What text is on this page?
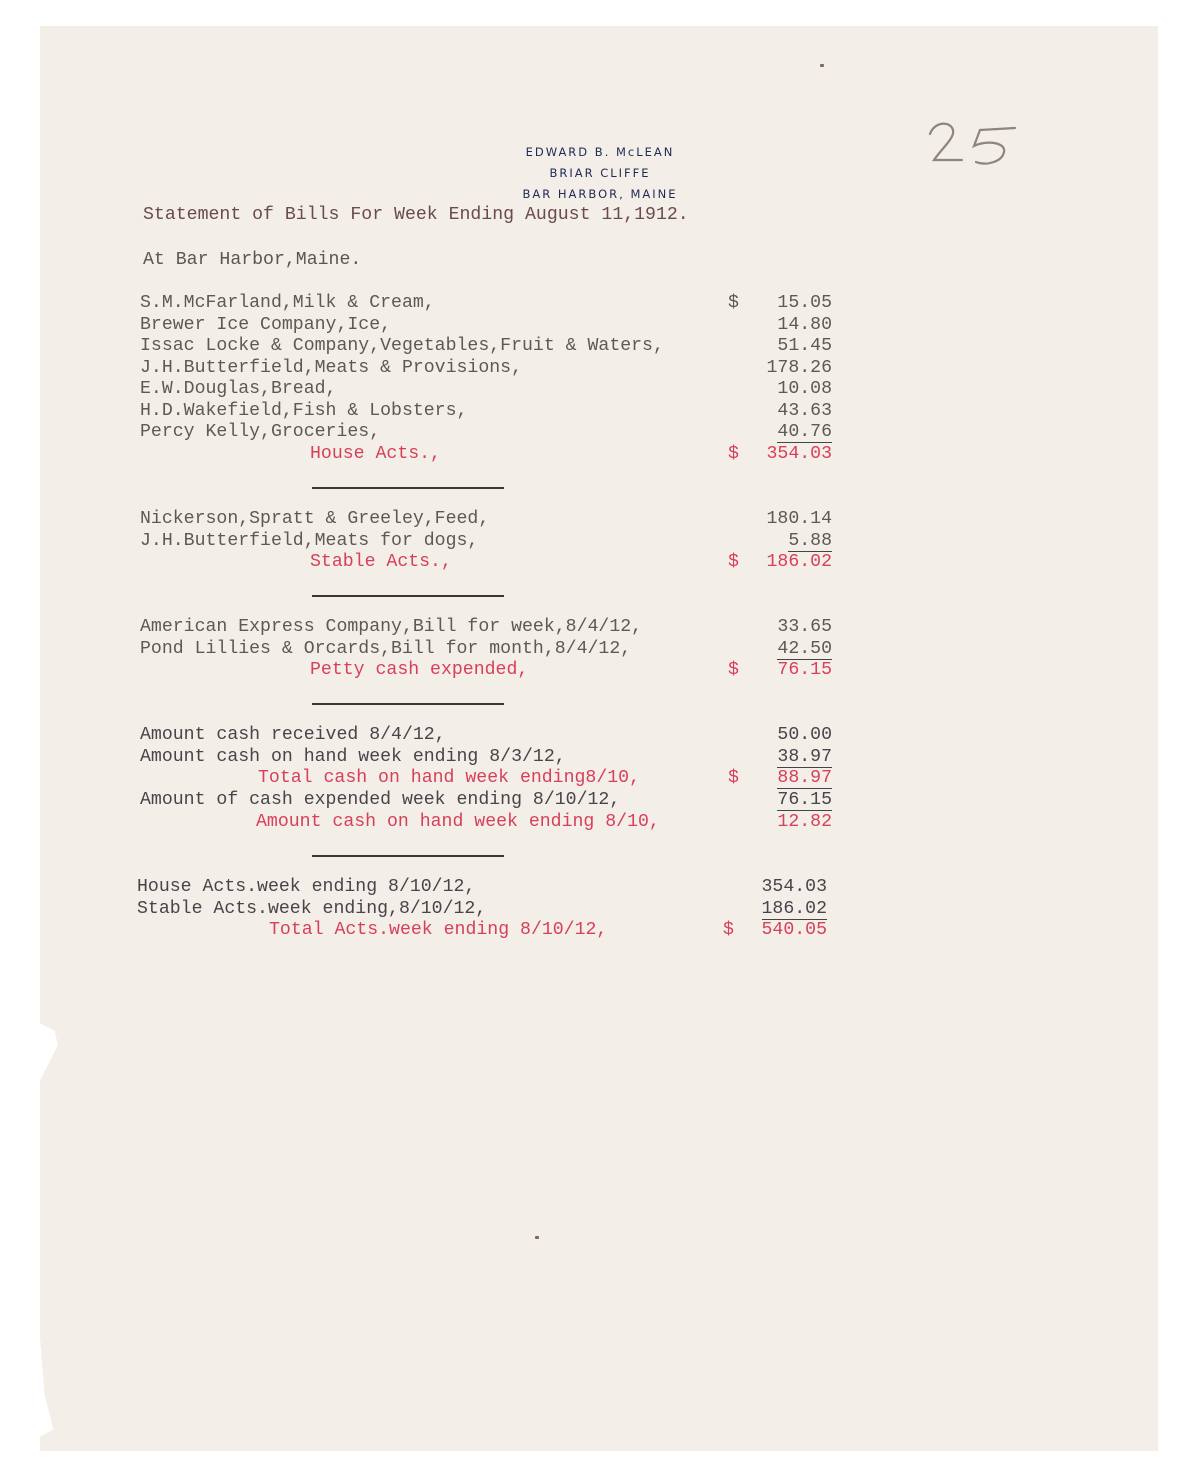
EDWARD B. McLEAN
BRIAR CLIFFE
BAR HARBOR, MAINE
Statement of Bills For Week Ending August 11,1912.
At Bar Harbor,Maine.
S.M.McFarland,Milk & Cream,	$ 15.05
Brewer Ice Company,Ice,	14.80
Issac Locke & Company,Vegetables,Fruit & Waters,	51.45
J.H.Butterfield,Meats & Provisions,	178.26
E.W.Douglas,Bread,	10.08
H.D.Wakefield,Fish & Lobsters,	43.63
Percy Kelly,Groceries,	40.76
House Acts.,	$ 354.03
Nickerson,Spratt & Greeley,Feed,	180.14
J.H.Butterfield,Meats for dogs,	5.88
Stable Acts.,	$ 186.02
American Express Company,Bill for week,8/4/12,	33.65
Pond Lillies & Orcards,Bill for month,8/4/12,	42.50
Petty cash expended,	$ 76.15
Amount cash received 8/4/12,	50.00
Amount cash on hand week ending 8/3/12,	38.97
Total cash on hand week ending8/10,	$ 88.97
Amount of cash expended week ending 8/10/12,	76.15
Amount cash on hand week ending 8/10,	12.82
House Acts.week ending 8/10/12,	354.03
Stable Acts.week ending,8/10/12,	186.02
Total Acts.week ending 8/10/12,	$ 540.05
